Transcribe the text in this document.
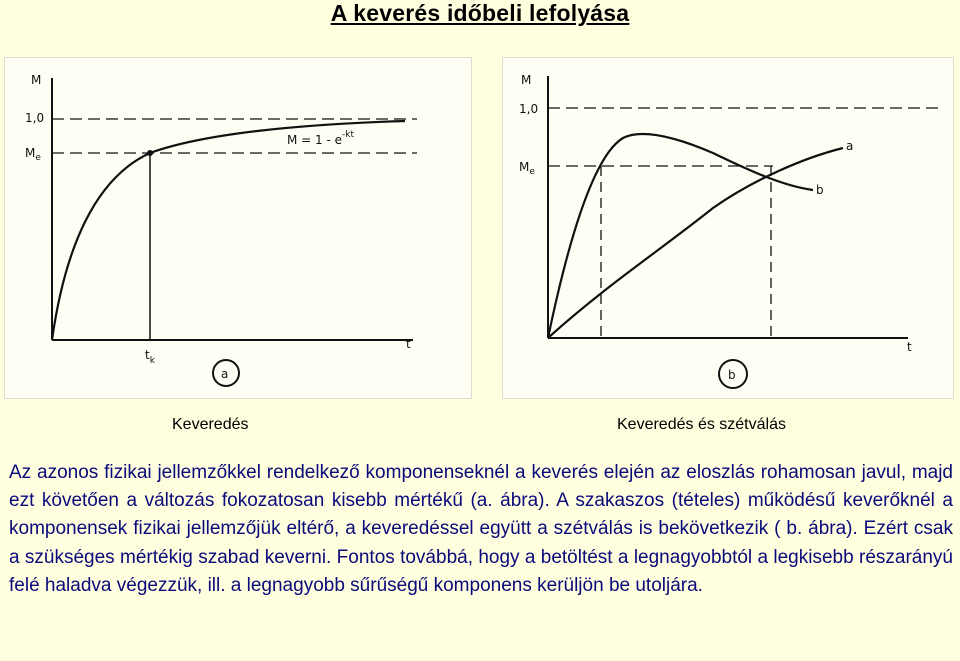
A keverés időbeli lefolyása
M
1,0
$M_e$
$M = 1 - e^{-kt}$
$t_k$
t
a
M
1,0
$M_e$
a
b
t
b
Keveredés	Keveredés és szétválás
Az azonos fizikai jellemzőkkel rendelkező komponenseknél a keverés elején az eloszlás rohamosan javul, majd ezt követően a változás fokozatosan kisebb mértékű (a. ábra). A szakaszos (tételes) működésű keverőknél a komponensek fizikai jellemzőjük eltérő, a keveredéssel együtt a szétválás is bekövetkezik ( b. ábra). Ezért csak a szükséges mértékig szabad keverni. Fontos továbbá, hogy a betöltést a legnagyobbtól a legkisebb részarányú felé haladva végezzük, ill. a legnagyobb sűrűségű komponens kerüljön be utoljára.
